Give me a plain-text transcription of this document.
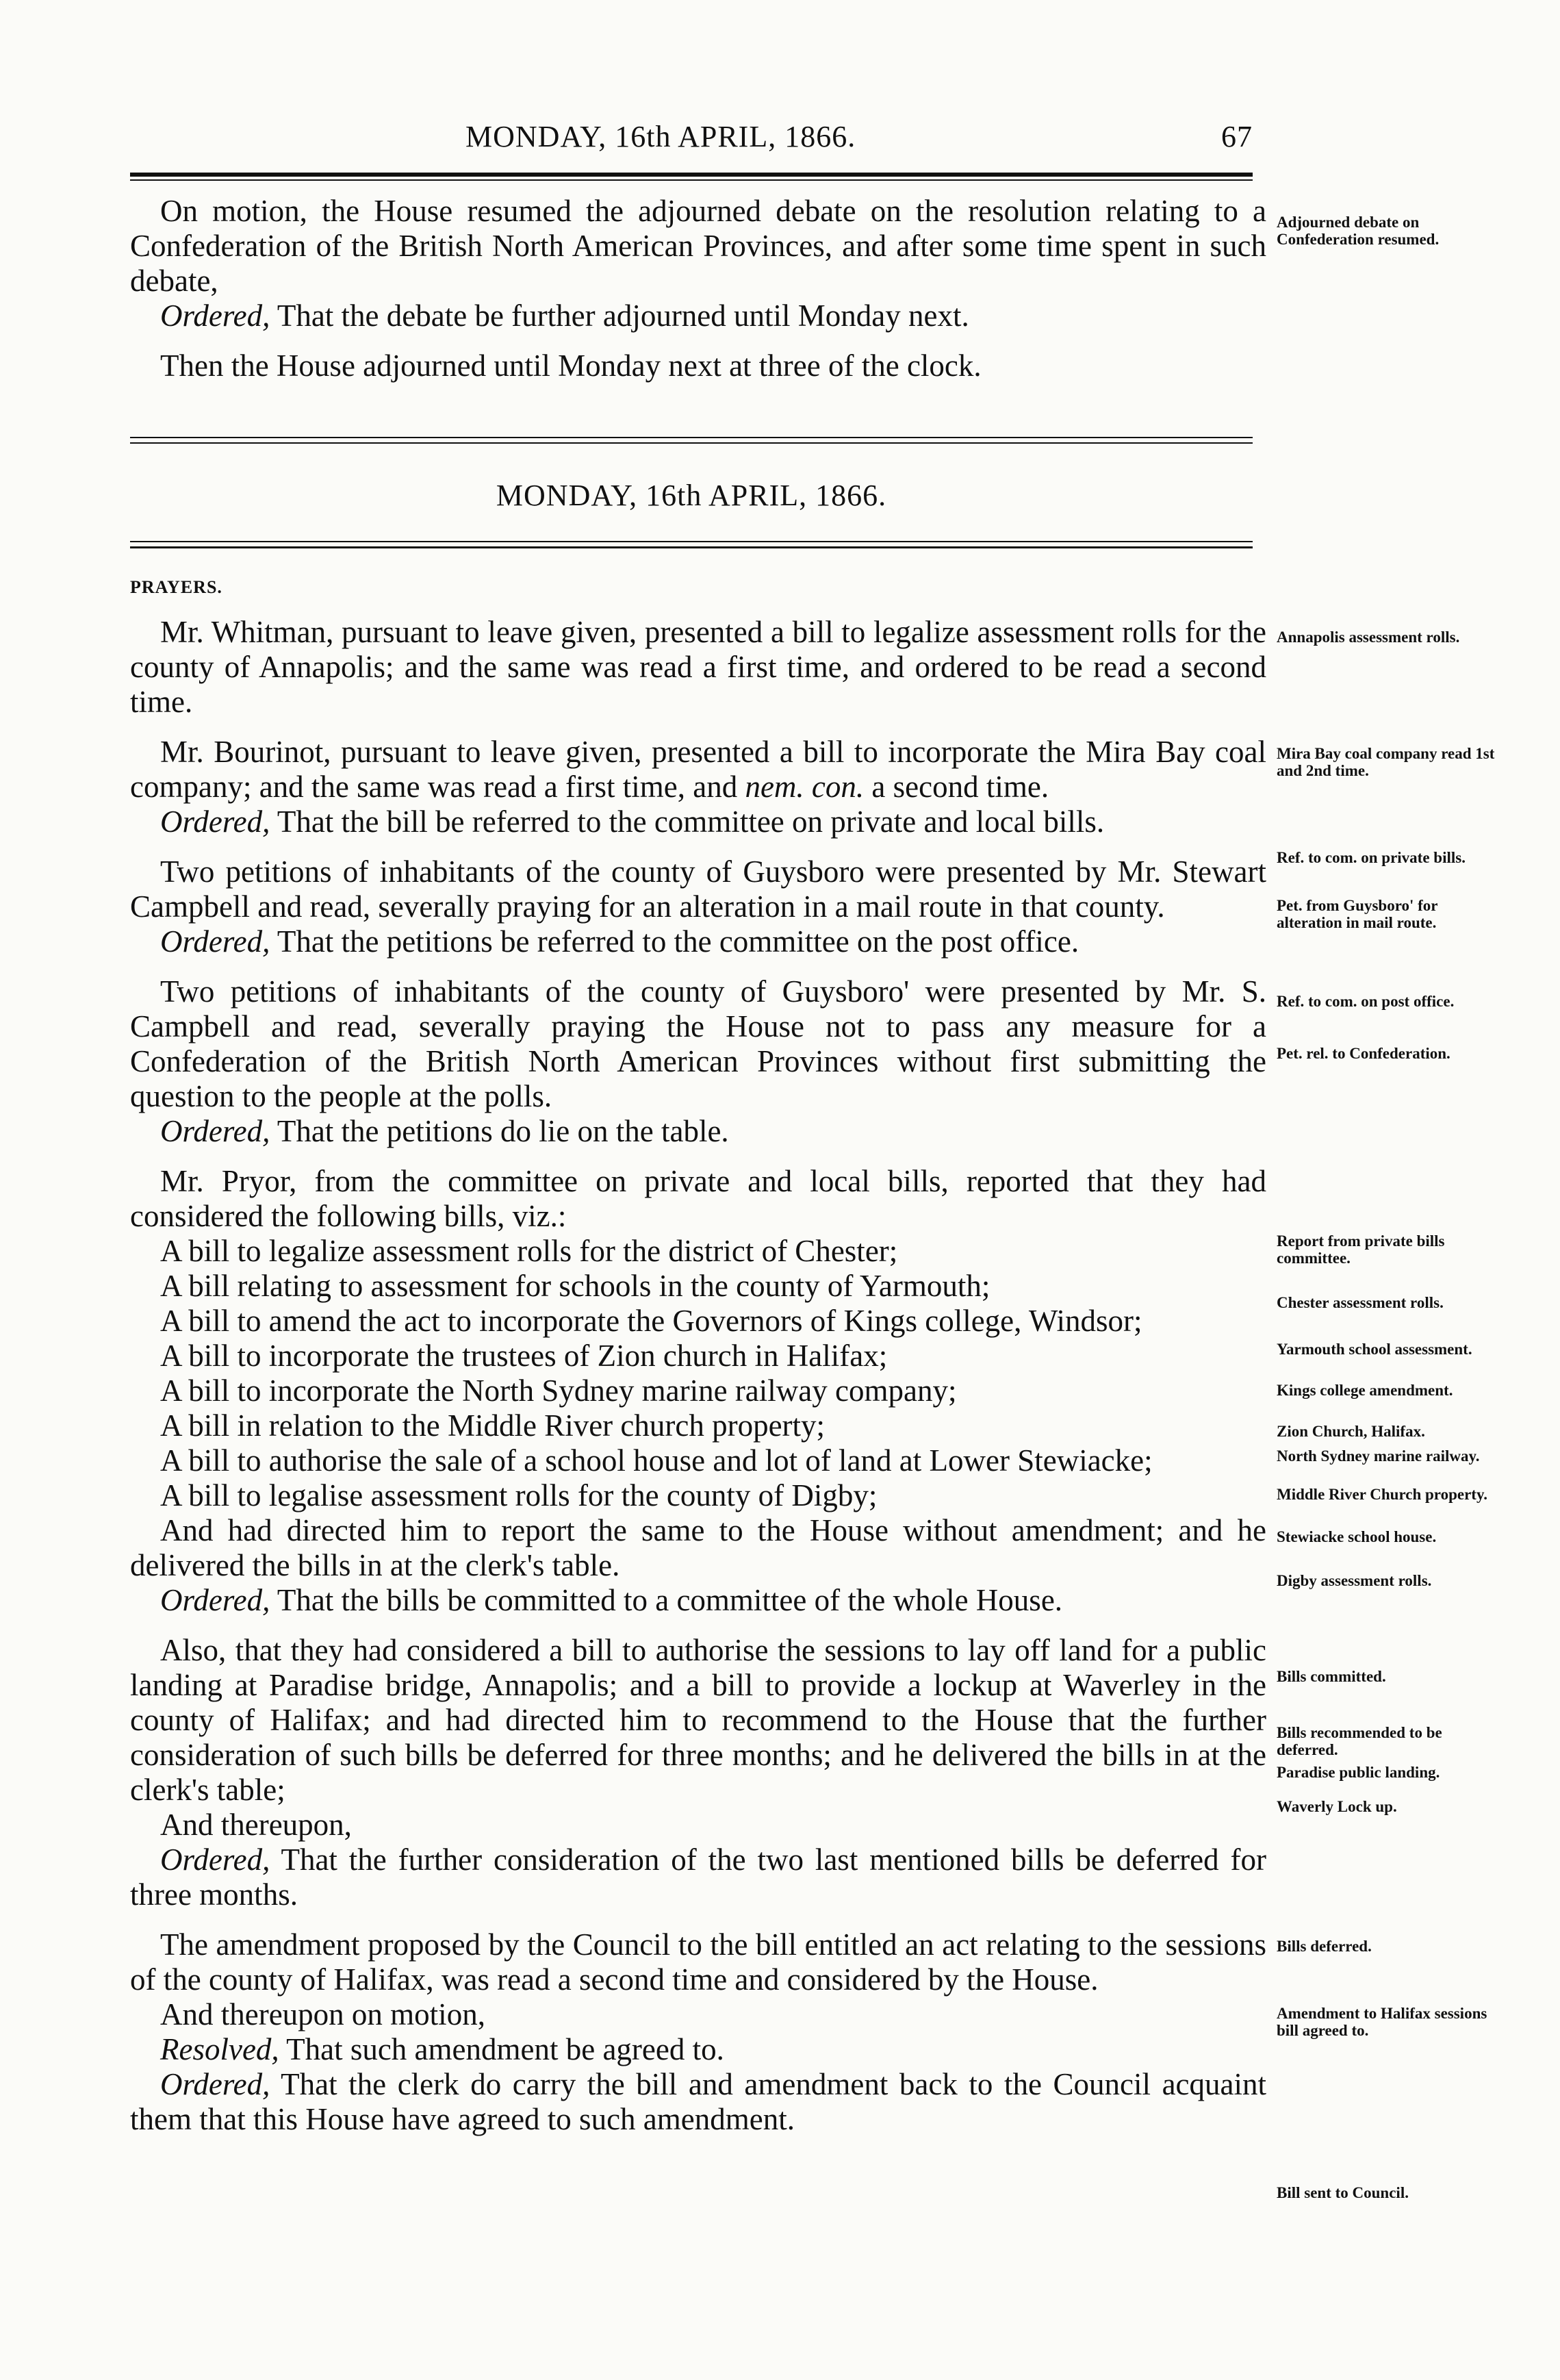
MONDAY, 16th APRIL, 1866.	67

On motion, the House resumed the adjourned debate on the resolution relating to a Confederation of the British North American Provinces, and after some time spent in such debate,

Ordered, That the debate be further adjourned until Monday next.

Then the House adjourned until Monday next at three of the clock.

MONDAY, 16th APRIL, 1866.
PRAYERS.

Mr. Whitman, pursuant to leave given, presented a bill to legalize assessment rolls for the county of Annapolis; and the same was read a first time, and ordered to be read a second time.

Mr. Bourinot, pursuant to leave given, presented a bill to incorporate the Mira Bay coal company; and the same was read a first time, and nem. con. a second time.

Ordered, That the bill be referred to the committee on private and local bills.

Two petitions of inhabitants of the county of Guysboro were presented by Mr. Stewart Campbell and read, severally praying for an alteration in a mail route in that county.

Ordered, That the petitions be referred to the committee on the post office.

Two petitions of inhabitants of the county of Guysboro' were presented by Mr. S. Campbell and read, severally praying the House not to pass any measure for a Confederation of the British North American Provinces without first submitting the question to the people at the polls.

Ordered, That the petitions do lie on the table.

Mr. Pryor, from the committee on private and local bills, reported that they had considered the following bills, viz.:

A bill to legalize assessment rolls for the district of Chester;

A bill relating to assessment for schools in the county of Yarmouth;

A bill to amend the act to incorporate the Governors of Kings college, Windsor;

A bill to incorporate the trustees of Zion church in Halifax;

A bill to incorporate the North Sydney marine railway company;

A bill in relation to the Middle River church property;

A bill to authorise the sale of a school house and lot of land at Lower Stewiacke;

A bill to legalise assessment rolls for the county of Digby;

And had directed him to report the same to the House without amendment; and he delivered the bills in at the clerk's table.

Ordered, That the bills be committed to a committee of the whole House.

Also, that they had considered a bill to authorise the sessions to lay off land for a public landing at Paradise bridge, Annapolis; and a bill to provide a lockup at Waverley in the county of Halifax; and had directed him to recommend to the House that the further consideration of such bills be deferred for three months; and he delivered the bills in at the clerk's table;

And thereupon,

Ordered, That the further consideration of the two last mentioned bills be deferred for three months.

The amendment proposed by the Council to the bill entitled an act relating to the sessions of the county of Halifax, was read a second time and considered by the House.

And thereupon on motion,

Resolved, That such amendment be agreed to.

Ordered, That the clerk do carry the bill and amendment back to the Council acquaint them that this House have agreed to such amendment.

Adjourned debate on Confederation resumed.
Annapolis assessment rolls.
Mira Bay coal company read 1st and 2nd time.
Ref. to com. on private bills.
Pet. from Guysboro' for alteration in mail route.
Ref. to com. on post office.
Pet. rel. to Confederation.
Report from private bills committee.
Chester assessment rolls.
Yarmouth school assessment.
Kings college amendment.
Zion Church, Halifax.
North Sydney marine railway.
Middle River Church property.
Stewiacke school house.
Digby assessment rolls.
Bills committed.
Bills recommended to be deferred.
Paradise public landing.
Waverly Lock up.
Bills deferred.
Amendment to Halifax sessions bill agreed to.
Bill sent to Council.
